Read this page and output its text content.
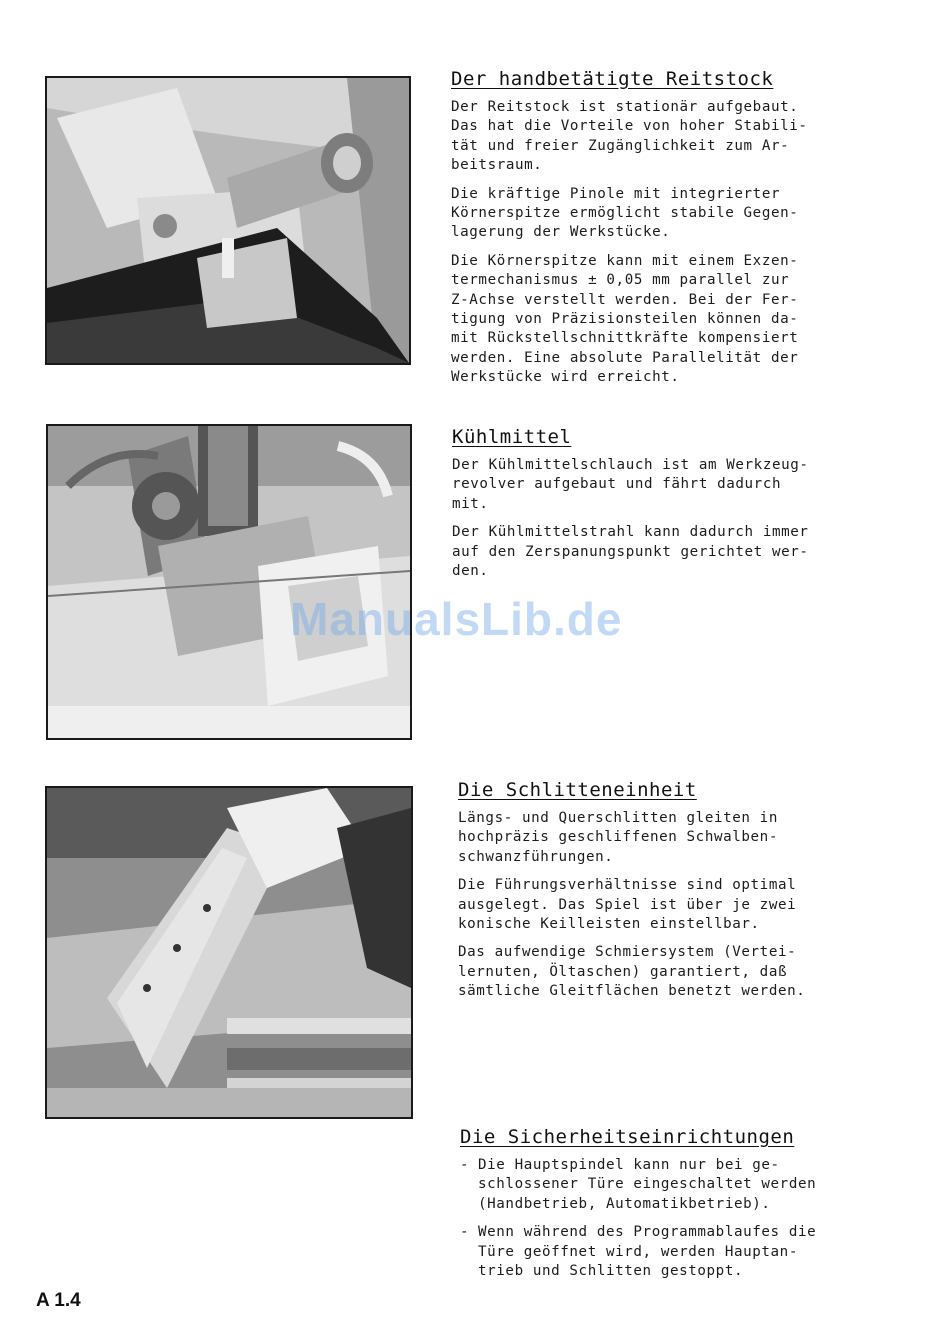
Der handbetätigte Reitstock

Der Reitstock ist stationär aufgebaut.
Das hat die Vorteile von hoher Stabili-
tät und freier Zugänglichkeit zum Ar-
beitsraum.

Die kräftige Pinole mit integrierter
Körnerspitze ermöglicht stabile Gegen-
lagerung der Werkstücke.

Die Körnerspitze kann mit einem Exzen-
termechanismus ± 0,05 mm parallel zur
Z-Achse verstellt werden. Bei der Fer-
tigung von Präzisionsteilen können da-
mit Rückstellschnittkräfte kompensiert
werden. Eine absolute Parallelität der
Werkstücke wird erreicht.

Kühlmittel

Der Kühlmittelschlauch ist am Werkzeug-
revolver aufgebaut und fährt dadurch
mit.

Der Kühlmittelstrahl kann dadurch immer
auf den Zerspanungspunkt gerichtet wer-
den.

Die Schlitteneinheit

Längs- und Querschlitten gleiten in
hochpräzis geschliffenen Schwalben-
schwanzführungen.

Die Führungsverhältnisse sind optimal
ausgelegt. Das Spiel ist über je zwei
konische Keilleisten einstellbar.

Das aufwendige Schmiersystem (Vertei-
lernuten, Öltaschen) garantiert, daß
sämtliche Gleitflächen benetzt werden.

Die Sicherheitseinrichtungen
- Die Hauptspindel kann nur bei ge-
schlossener Türe eingeschaltet werden
(Handbetrieb, Automatikbetrieb).
- Wenn während des Programmablaufes die
Türe geöffnet wird, werden Hauptan-
trieb und Schlitten gestoppt.
ManualsLib.de
A 1.4
